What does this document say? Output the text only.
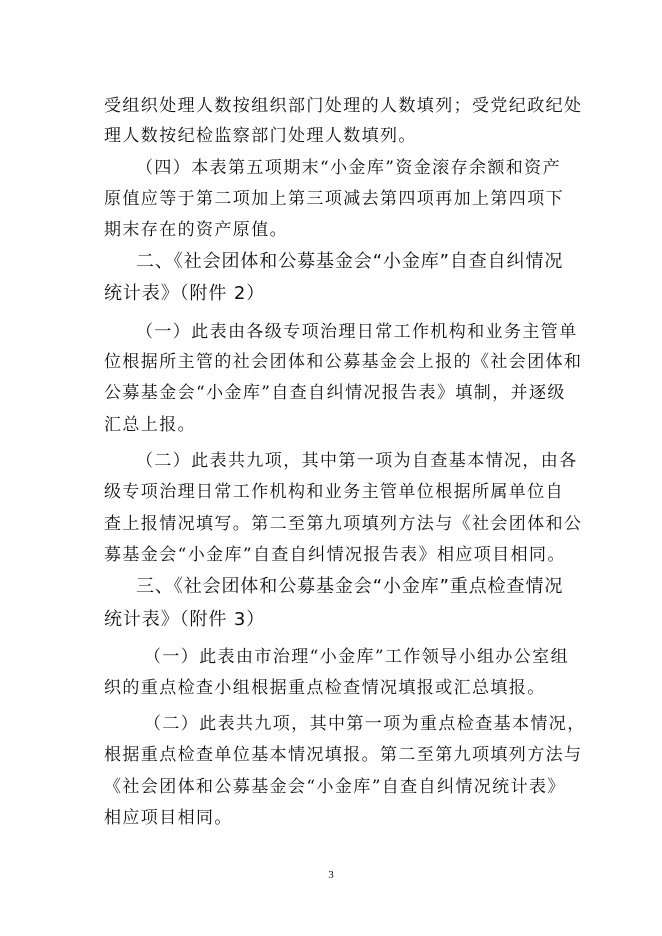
受组织处理人数按组织部门处理的人数填列；受党纪政纪处
理人数按纪检监察部门处理人数填列。
（四）本表第五项期末“小金库”资金滚存余额和资产
原值应等于第二项加上第三项减去第四项再加上第四项下
期末存在的资产原值。
二、《社会团体和公募基金会“小金库”自查自纠情况
统计表》（附件 2）
（一）此表由各级专项治理日常工作机构和业务主管单
位根据所主管的社会团体和公募基金会上报的《社会团体和
公募基金会“小金库”自查自纠情况报告表》填制，并逐级
汇总上报。
（二）此表共九项，其中第一项为自查基本情况，由各
级专项治理日常工作机构和业务主管单位根据所属单位自
查上报情况填写。第二至第九项填列方法与《社会团体和公
募基金会“小金库”自查自纠情况报告表》相应项目相同。
三、《社会团体和公募基金会“小金库”重点检查情况
统计表》（附件 3）
（一）此表由市治理“小金库”工作领导小组办公室组
织的重点检查小组根据重点检查情况填报或汇总填报。
（二）此表共九项，其中第一项为重点检查基本情况，
根据重点检查单位基本情况填报。第二至第九项填列方法与
《社会团体和公募基金会“小金库”自查自纠情况统计表》
相应项目相同。
3
